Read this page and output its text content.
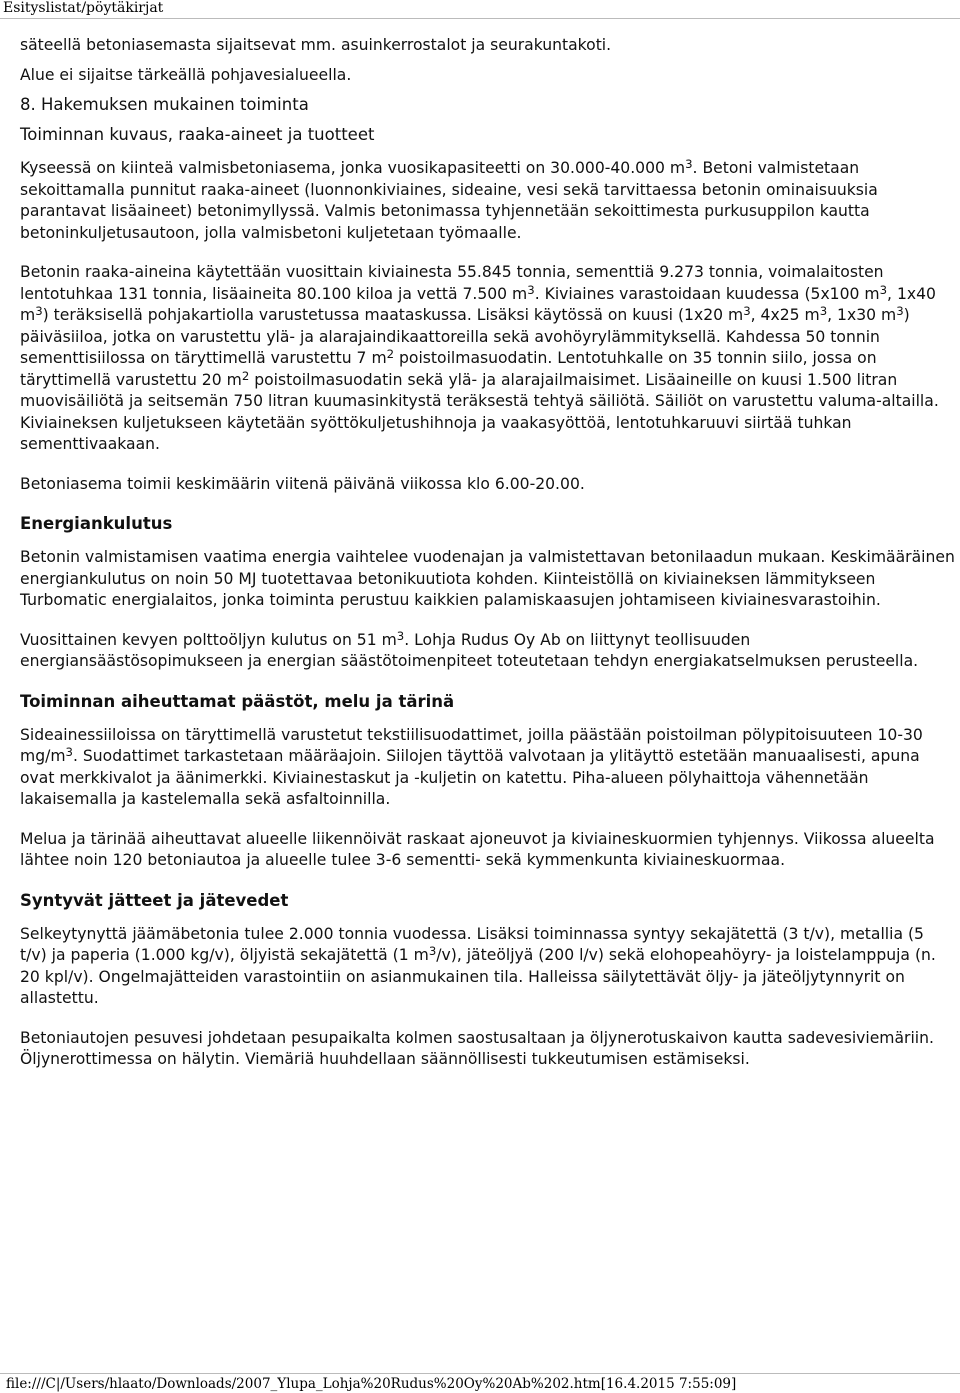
Esityslistat/pöytäkirjat

säteellä betoniasemasta sijaitsevat mm. asuinkerrostalot ja seurakuntakoti.

Alue ei sijaitse tärkeällä pohjavesialueella.

8. Hakemuksen mukainen toiminta
Toiminnan kuvaus, raaka-aineet ja tuotteet

Kyseessä on kiinteä valmisbetoniasema, jonka vuosikapasiteetti on 30.000-40.000 $m^3$. Betoni valmistetaan sekoittamalla punnitut raaka-aineet (luonnonkiviaines, sideaine, vesi sekä tarvittaessa betonin ominaisuuksia parantavat lisäaineet) betonimyllyssä. Valmis betonimassa tyhjennetään sekoittimesta purkusuppilon kautta betoninkuljetusautoon, jolla valmisbetoni kuljetetaan työmaalle.

Betonin raaka-aineina käytettään vuosittain kiviainesta 55.845 tonnia, sementtiä 9.273 tonnia, voimalaitosten lentotuhkaa 131 tonnia, lisäaineita 80.100 kiloa ja vettä 7.500 $m^3$. Kiviaines varastoidaan kuudessa (5x100 $m^3$, 1x40 $m^3$) teräksisellä pohjakartiolla varustetussa maataskussa. Lisäksi käytössä on kuusi (1x20 $m^3$, 4x25 $m^3$, 1x30 $m^3$) päiväsiiloa, jotka on varustettu ylä- ja alarajaindikaattoreilla sekä avohöyrylämmityksellä. Kahdessa 50 tonnin sementtisiilossa on täryttimellä varustettu 7 $m^2$ poistoilmasuodatin. Lentotuhkalle on 35 tonnin siilo, jossa on täryttimellä varustettu 20 $m^2$ poistoilmasuodatin sekä ylä- ja alarajailmaisimet. Lisäaineille on kuusi 1.500 litran muovisäiliötä ja seitsemän 750 litran kuumasinkitystä teräksestä tehtyä säiliötä. Säiliöt on varustettu valuma-altailla. Kiviaineksen kuljetukseen käytetään syöttökuljetushihnoja ja vaakasyöttöä, lentotuhkaruuvi siirtää tuhkan sementtivaakaan.

Betoniasema toimii keskimäärin viitenä päivänä viikossa klo 6.00-20.00.

Energiankulutus

Betonin valmistamisen vaatima energia vaihtelee vuodenajan ja valmistettavan betonilaadun mukaan. Keskimääräinen energiankulutus on noin 50 MJ tuotettavaa betonikuutiota kohden. Kiinteistöllä on kiviaineksen lämmitykseen Turbomatic energialaitos, jonka toiminta perustuu kaikkien palamiskaasujen johtamiseen kiviainesvarastoihin.

Vuosittainen kevyen polttoöljyn kulutus on 51 $m^3$. Lohja Rudus Oy Ab on liittynyt teollisuuden energiansäästösopimukseen ja energian säästötoimenpiteet toteutetaan tehdyn energiakatselmuksen perusteella.

Toiminnan aiheuttamat päästöt, melu ja tärinä

Sideainessiiloissa on täryttimellä varustetut tekstiilisuodattimet, joilla päästään poistoilman pölypitoisuuteen 10-30 $mg/m^3$. Suodattimet tarkastetaan määräajoin. Siilojen täyttöä valvotaan ja ylitäyttö estetään manuaalisesti, apuna ovat merkkivalot ja äänimerkki. Kiviainestaskut ja -kuljetin on katettu. Piha-alueen pölyhaittoja vähennetään lakaisemalla ja kastelemalla sekä asfaltoinnilla.

Melua ja tärinää aiheuttavat alueelle liikennöivät raskaat ajoneuvot ja kiviaineskuormien tyhjennys. Viikossa alueelta lähtee noin 120 betoniautoa ja alueelle tulee 3-6 sementti- sekä kymmenkunta kiviaineskuormaa.

Syntyvät jätteet ja jätevedet

Selkeytynyttä jäämäbetonia tulee 2.000 tonnia vuodessa. Lisäksi toiminnassa syntyy sekajätettä (3 t/v), metallia (5 t/v) ja paperia (1.000 kg/v), öljyistä sekajätettä (1 $m^3/v$), jäteöljyä (200 l/v) sekä elohopeahöyry- ja loistelamppuja (n. 20 kpl/v). Ongelmajätteiden varastointiin on asianmukainen tila. Halleissa säilytettävät öljy- ja jäteöljytynnyrit on allastettu.

Betoniautojen pesuvesi johdetaan pesupaikalta kolmen saostusaltaan ja öljynerotuskaivon kautta sadevesiviemäriin. Öljynerottimessa on hälytin. Viemäriä huuhdellaan säännöllisesti tukkeutumisen estämiseksi.

file:///C|/Users/hlaato/Downloads/2007_Ylupa_Lohja%20Rudus%20Oy%20Ab%202.htm[16.4.2015 7:55:09]
